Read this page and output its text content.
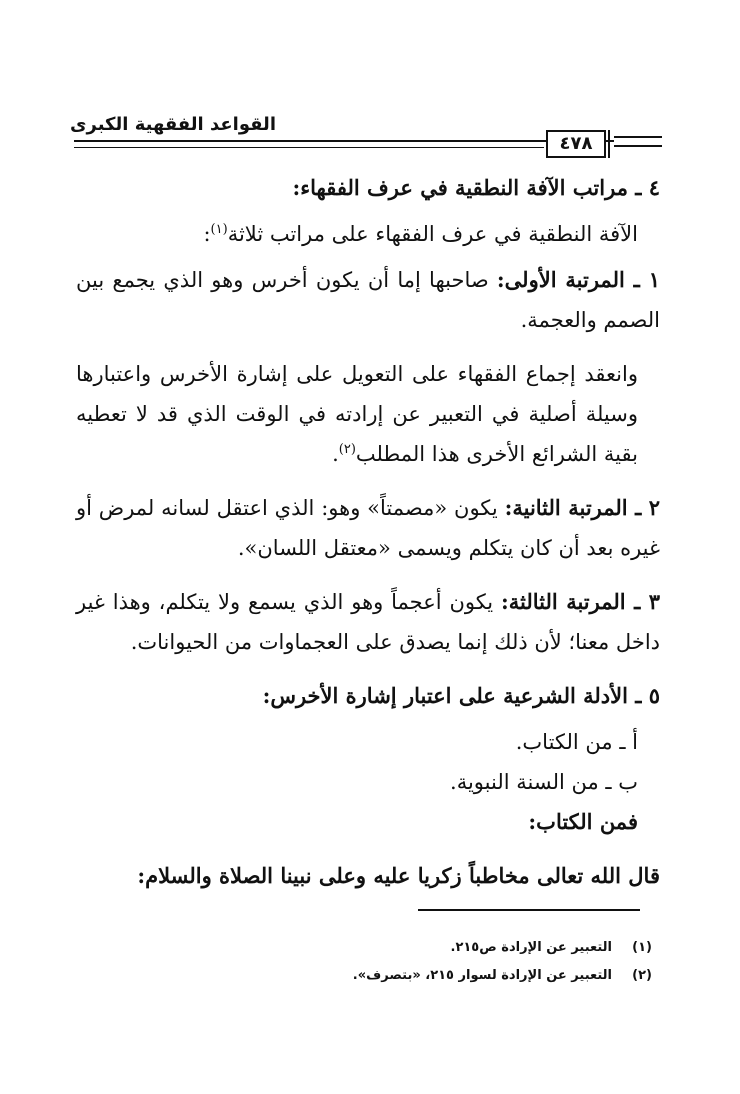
القواعد الفقهية الكبرى
٤٧٨

٤ ـ مراتب الآفة النطقية في عرف الفقهاء:

الآفة النطقية في عرف الفقهاء على مراتب ثلاثة$^{(١)}$:

١ ـ المرتبة الأولى: صاحبها إما أن يكون أخرس وهو الذي يجمع بين الصمم والعجمة.

وانعقد إجماع الفقهاء على التعويل على إشارة الأخرس واعتبارها وسيلة أصلية في التعبير عن إرادته في الوقت الذي قد لا تعطيه بقية الشرائع الأخرى هذا المطلب$^{(٢)}$.

٢ ـ المرتبة الثانية: يكون «مصمتاً» وهو: الذي اعتقل لسانه لمرض أو غيره بعد أن كان يتكلم ويسمى «معتقل اللسان».

٣ ـ المرتبة الثالثة: يكون أعجماً وهو الذي يسمع ولا يتكلم، وهذا غير داخل معنا؛ لأن ذلك إنما يصدق على العجماوات من الحيوانات.

٥ ـ الأدلة الشرعية على اعتبار إشارة الأخرس:

أ ـ من الكتاب.

ب ـ من السنة النبوية.

فمن الكتاب:

قال الله تعالى مخاطباً زكريا عليه وعلى نبينا الصلاة والسلام:

(١)
التعبير عن الإرادة ص٢١٥.
(٢)
التعبير عن الإرادة لسوار ٢١٥، «بتصرف».
